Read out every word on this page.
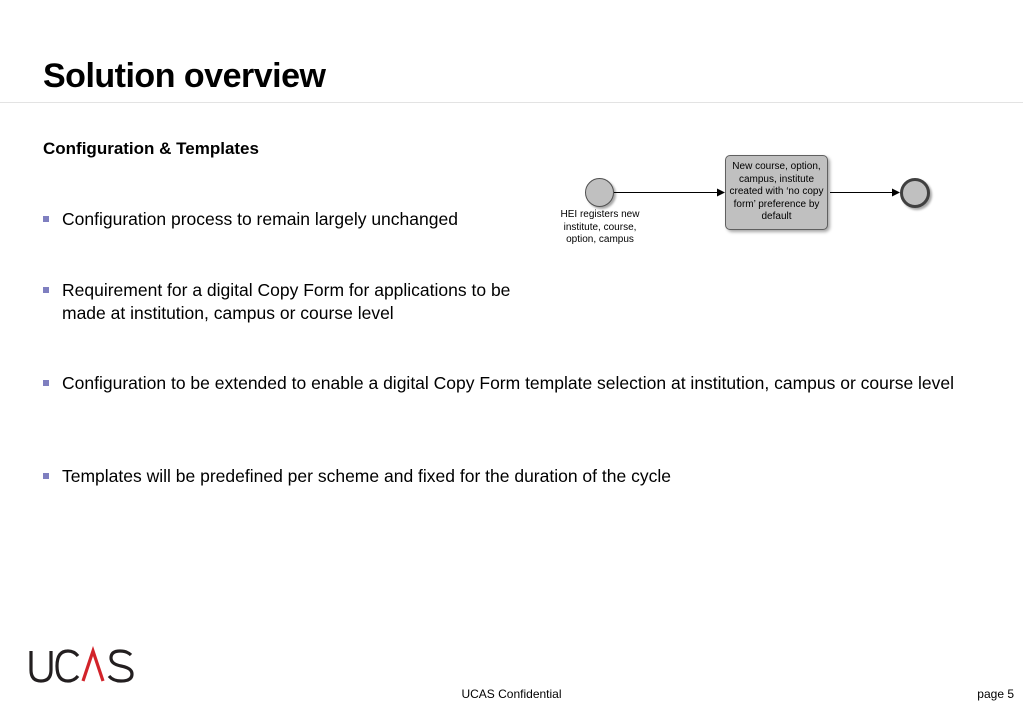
Solution overview
Configuration & Templates
Configuration process to remain largely unchanged
Requirement for a digital Copy Form for applications to be made at institution, campus or course level
Configuration to be extended to enable a digital Copy Form template selection at institution, campus or course level
Templates will be predefined per scheme and fixed for the duration of the cycle
HEI registers new institute, course, option, campus
New course, option, campus, institute created with ‘no copy form’ preference by default
UCAS Confidential	page 5
